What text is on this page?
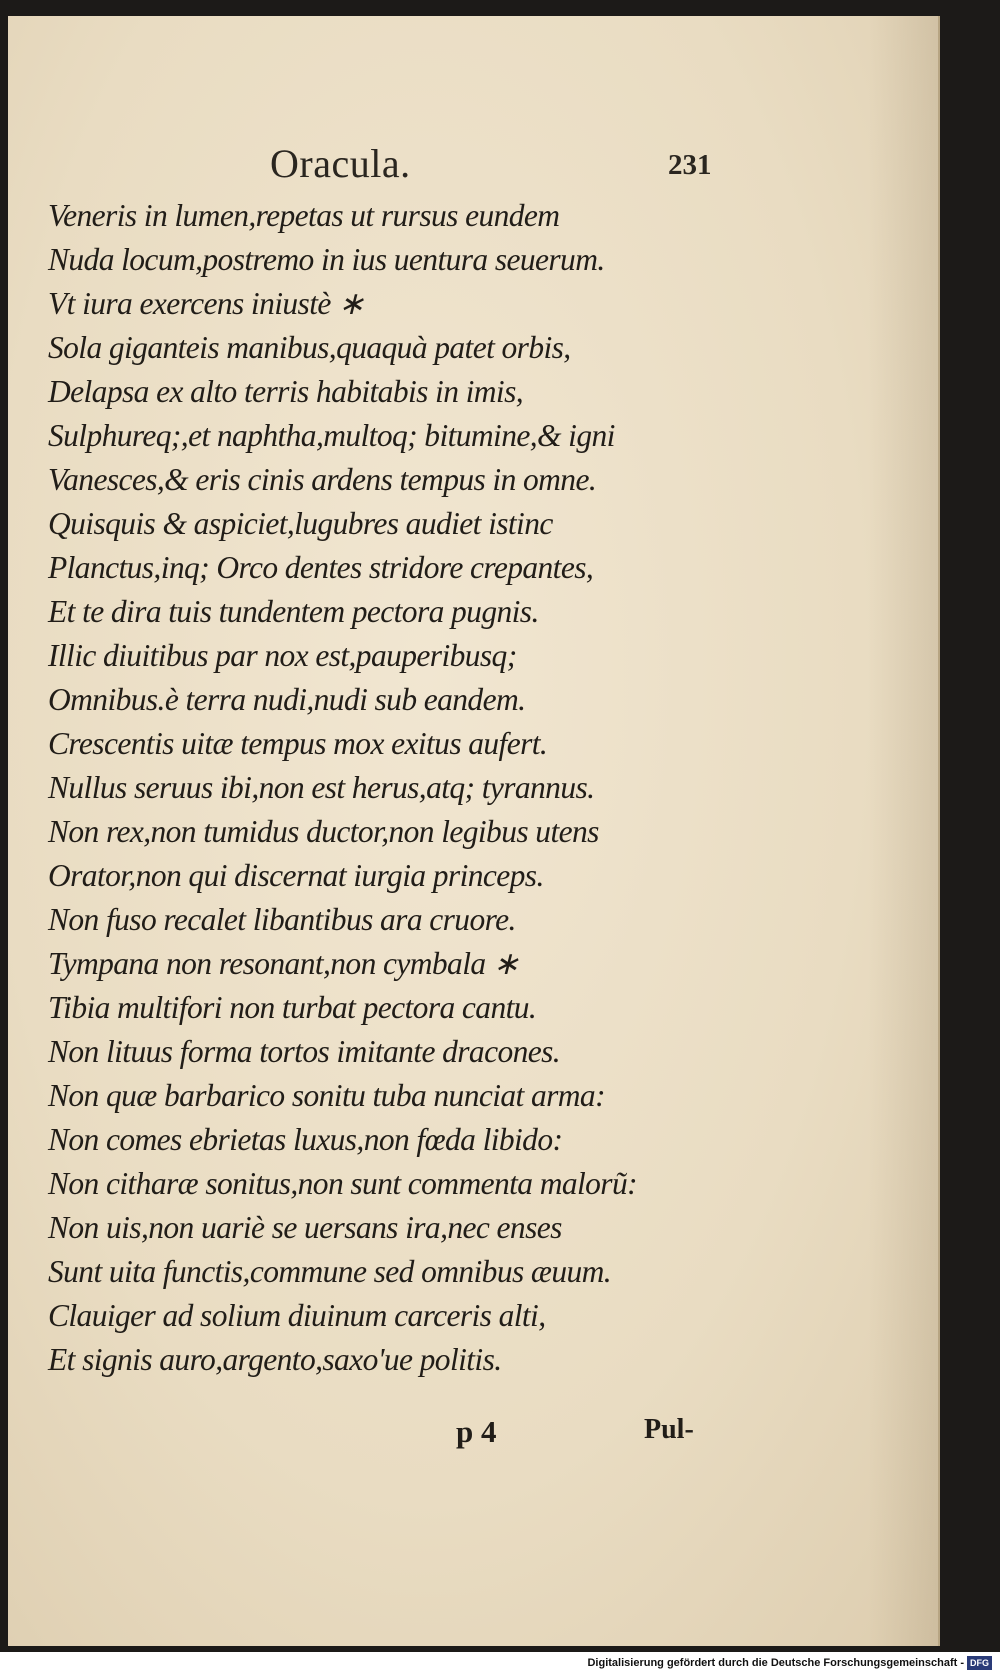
Oracula.	231
Veneris in lumen,repetas ut rursus eundem
Nuda locum,postremo in ius uentura seuerum.
Vt iura exercens iniustè ∗
Sola giganteis manibus,quaquà patet orbis,
Delapsa ex alto terris habitabis in imis,
Sulphureq;,et naphtha,multoq; bitumine,& igni
Vanesces,& eris cinis ardens tempus in omne.
Quisquis & aspiciet,lugubres audiet istinc
Planctus,inq; Orco dentes stridore crepantes,
Et te dira tuis tundentem pectora pugnis.
Illic diuitibus par nox est,pauperibusq;
Omnibus.è terra nudi,nudi sub eandem.
Crescentis uitæ tempus mox exitus aufert.
Nullus seruus ibi,non est herus,atq; tyrannus.
Non rex,non tumidus ductor,non legibus utens
Orator,non qui discernat iurgia princeps.
Non fuso recalet libantibus ara cruore.
Tympana non resonant,non cymbala ∗
Tibia multifori non turbat pectora cantu.
Non lituus forma tortos imitante dracones.
Non quæ barbarico sonitu tuba nunciat arma:
Non comes ebrietas luxus,non fœda libido:
Non citharæ sonitus,non sunt commenta malorũ:
Non uis,non uariè se uersans ira,nec enses
Sunt uita functis,commune sed omnibus æuum.
Clauiger ad solium diuinum carceris alti,
Et signis auro,argento,saxo'ue politis.
p 4	Pul-
Digitalisierung gefördert durch die Deutsche Forschungsgemeinschaft - DFG
